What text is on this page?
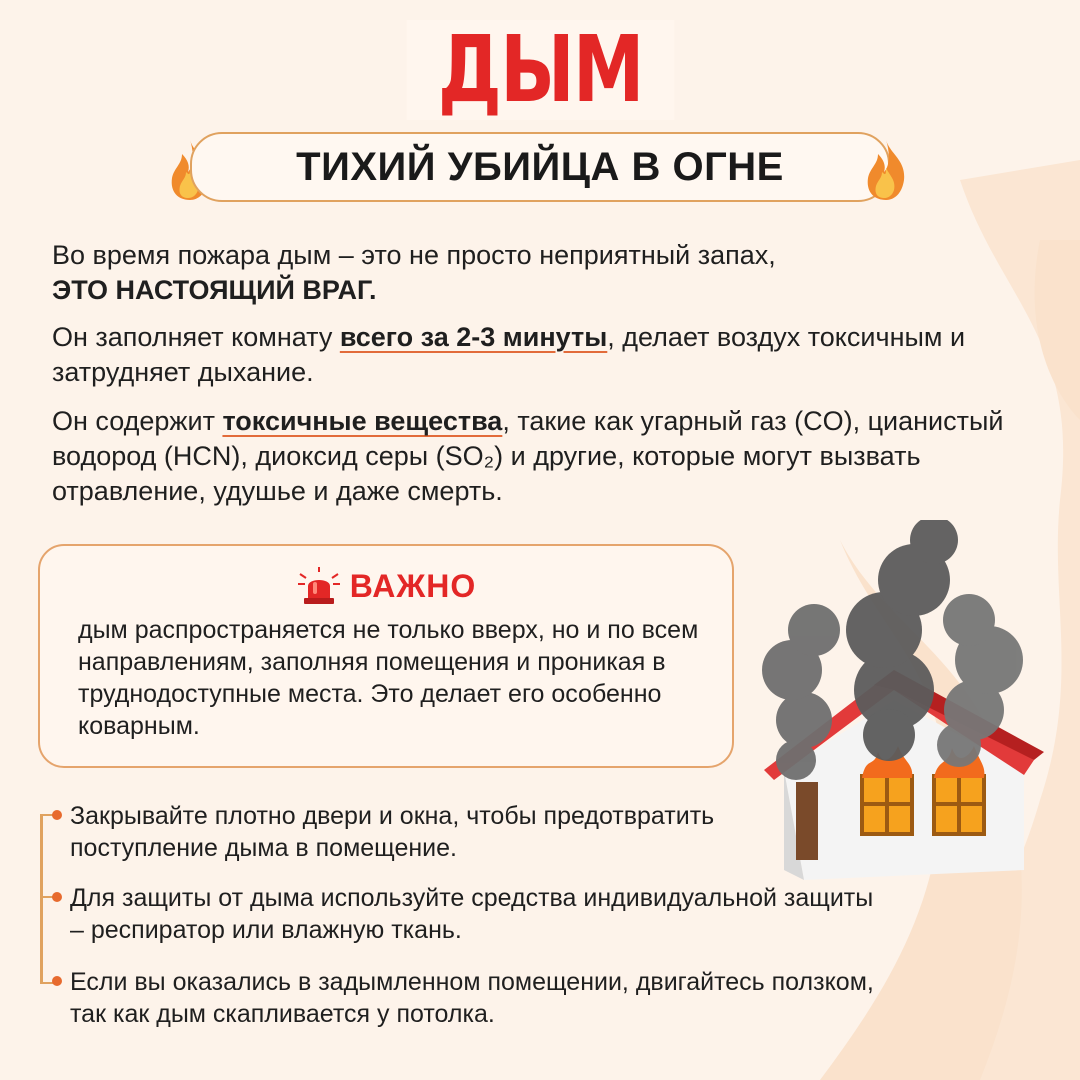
ДЫМ
ТИХИЙ УБИЙЦА В ОГНЕ

Во время пожара дым – это не просто неприятный запах,
ЭТО НАСТОЯЩИЙ ВРАГ.

Он заполняет комнату всего за 2-3 минуты, делает воздух токсичным и затрудняет дыхание.

Он содержит токсичные вещества, такие как угарный газ (CO), цианистый водород (HCN), диоксид серы (SO₂) и другие, которые могут вызвать отравление, удушье и даже смерть.

ВАЖНО

дым распространяется не только вверх, но и по всем направлениям, заполняя помещения и проникая в труднодоступные места. Это делает его особенно коварным.

Закрывайте плотно двери и окна, чтобы предотвратить поступление дыма в помещение.

Для защиты от дыма используйте средства индивидуальной защиты – респиратор или влажную ткань.

Если вы оказались в задымленном помещении, двигайтесь ползком, так как дым скапливается у потолка.
